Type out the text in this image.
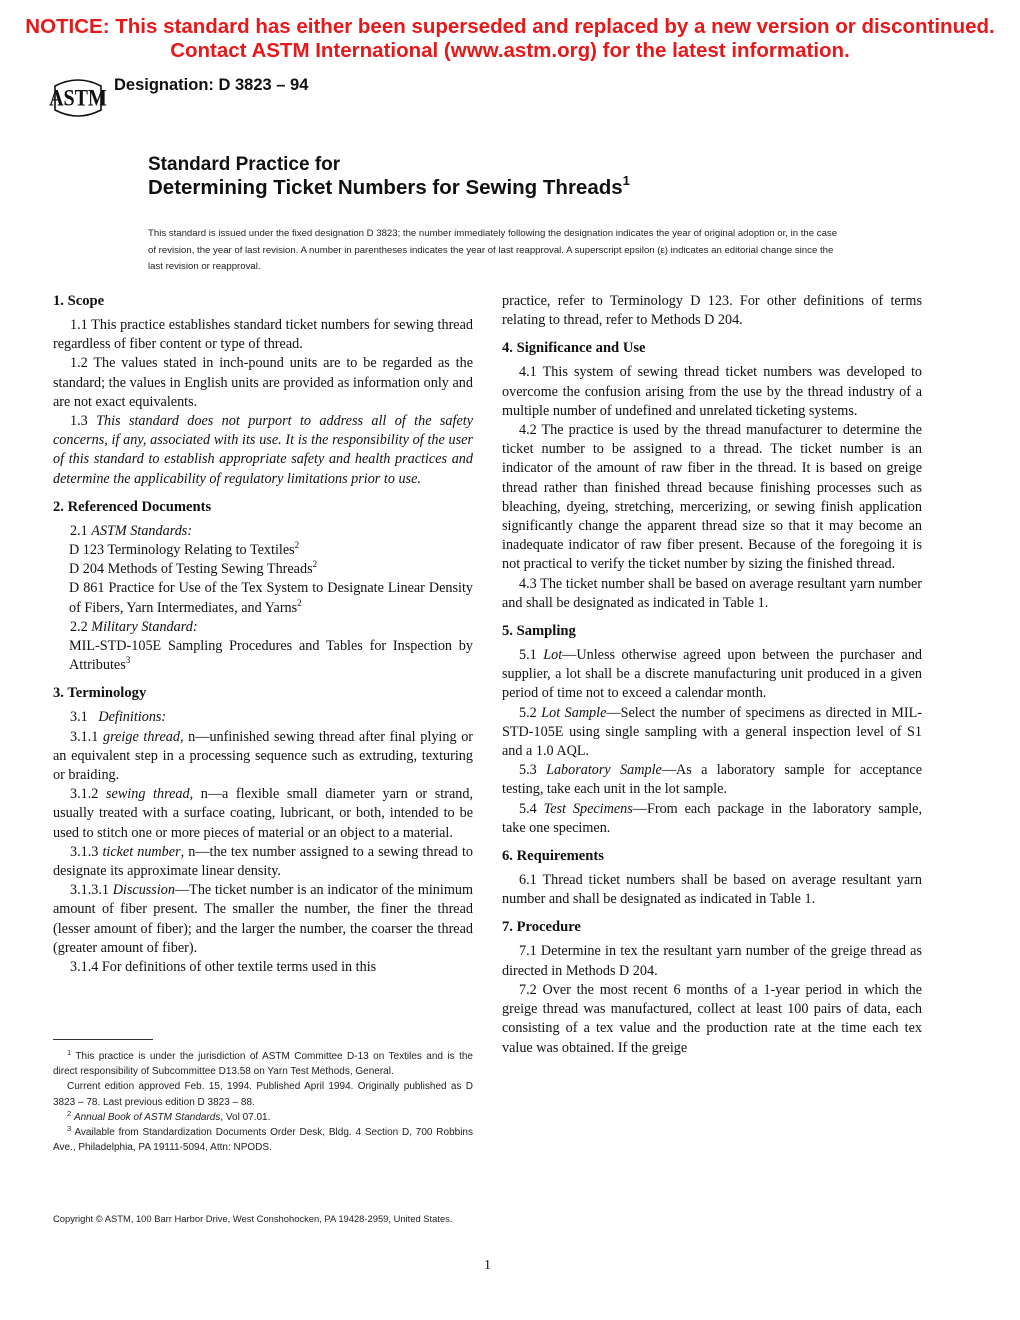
NOTICE: This standard has either been superseded and replaced by a new version or discontinued.
Contact ASTM International (www.astm.org) for the latest information.
ASTM
Designation: D 3823 – 94
Standard Practice for
Determining Ticket Numbers for Sewing Threads$^1$
This standard is issued under the fixed designation D 3823; the number immediately following the designation indicates the year of original adoption or, in the case of revision, the year of last revision. A number in parentheses indicates the year of last reapproval. A superscript epsilon (ε) indicates an editorial change since the last revision or reapproval.
1. Scope

1.1 This practice establishes standard ticket numbers for sewing thread regardless of fiber content or type of thread.

1.2 The values stated in inch-pound units are to be regarded as the standard; the values in English units are provided as information only and are not exact equivalents.

1.3 This standard does not purport to address all of the safety concerns, if any, associated with its use. It is the responsibility of the user of this standard to establish appropriate safety and health practices and determine the applicability of regulatory limitations prior to use.

2. Referenced Documents

2.1 ASTM Standards:

D 123 Terminology Relating to Textiles$^2$

D 204 Methods of Testing Sewing Threads$^2$

D 861 Practice for Use of the Tex System to Designate Linear Density of Fibers, Yarn Intermediates, and Yarns$^2$

2.2 Military Standard:

MIL-STD-105E Sampling Procedures and Tables for Inspection by Attributes$^3$

3. Terminology

3.1 Definitions:

3.1.1 greige thread, n—unfinished sewing thread after final plying or an equivalent step in a processing sequence such as extruding, texturing or braiding.

3.1.2 sewing thread, n—a flexible small diameter yarn or strand, usually treated with a surface coating, lubricant, or both, intended to be used to stitch one or more pieces of material or an object to a material.

3.1.3 ticket number, n—the tex number assigned to a sewing thread to designate its approximate linear density.

3.1.3.1 Discussion—The ticket number is an indicator of the minimum amount of fiber present. The smaller the number, the finer the thread (lesser amount of fiber); and the larger the number, the coarser the thread (greater amount of fiber).

3.1.4 For definitions of other textile terms used in this

$^1$ This practice is under the jurisdiction of ASTM Committee D-13 on Textiles and is the direct responsibility of Subcommittee D13.58 on Yarn Test Methods, General.

Current edition approved Feb. 15, 1994. Published April 1994. Originally published as D 3823 – 78. Last previous edition D 3823 – 88.

$^2$ Annual Book of ASTM Standards, Vol 07.01.

$^3$ Available from Standardization Documents Order Desk, Bldg. 4 Section D, 700 Robbins Ave., Philadelphia, PA 19111-5094, Attn: NPODS.

practice, refer to Terminology D 123. For other definitions of terms relating to thread, refer to Methods D 204.

4. Significance and Use

4.1 This system of sewing thread ticket numbers was developed to overcome the confusion arising from the use by the thread industry of a multiple number of undefined and unrelated ticketing systems.

4.2 The practice is used by the thread manufacturer to determine the ticket number to be assigned to a thread. The ticket number is an indicator of the amount of raw fiber in the thread. It is based on greige thread rather than finished thread because finishing processes such as bleaching, dyeing, stretching, mercerizing, or sewing finish application significantly change the apparent thread size so that it may become an inadequate indicator of raw fiber present. Because of the foregoing it is not practical to verify the ticket number by sizing the finished thread.

4.3 The ticket number shall be based on average resultant yarn number and shall be designated as indicated in Table 1.

5. Sampling

5.1 Lot—Unless otherwise agreed upon between the purchaser and supplier, a lot shall be a discrete manufacturing unit produced in a given period of time not to exceed a calendar month.

5.2 Lot Sample—Select the number of specimens as directed in MIL-STD-105E using single sampling with a general inspection level of S1 and a 1.0 AQL.

5.3 Laboratory Sample—As a laboratory sample for acceptance testing, take each unit in the lot sample.

5.4 Test Specimens—From each package in the laboratory sample, take one specimen.

6. Requirements

6.1 Thread ticket numbers shall be based on average resultant yarn number and shall be designated as indicated in Table 1.

7. Procedure

7.1 Determine in tex the resultant yarn number of the greige thread as directed in Methods D 204.

7.2 Over the most recent 6 months of a 1-year period in which the greige thread was manufactured, collect at least 100 pairs of data, each consisting of a tex value and the production rate at the time each tex value was obtained. If the greige

Copyright © ASTM, 100 Barr Harbor Drive, West Conshohocken, PA 19428-2959, United States.
1
